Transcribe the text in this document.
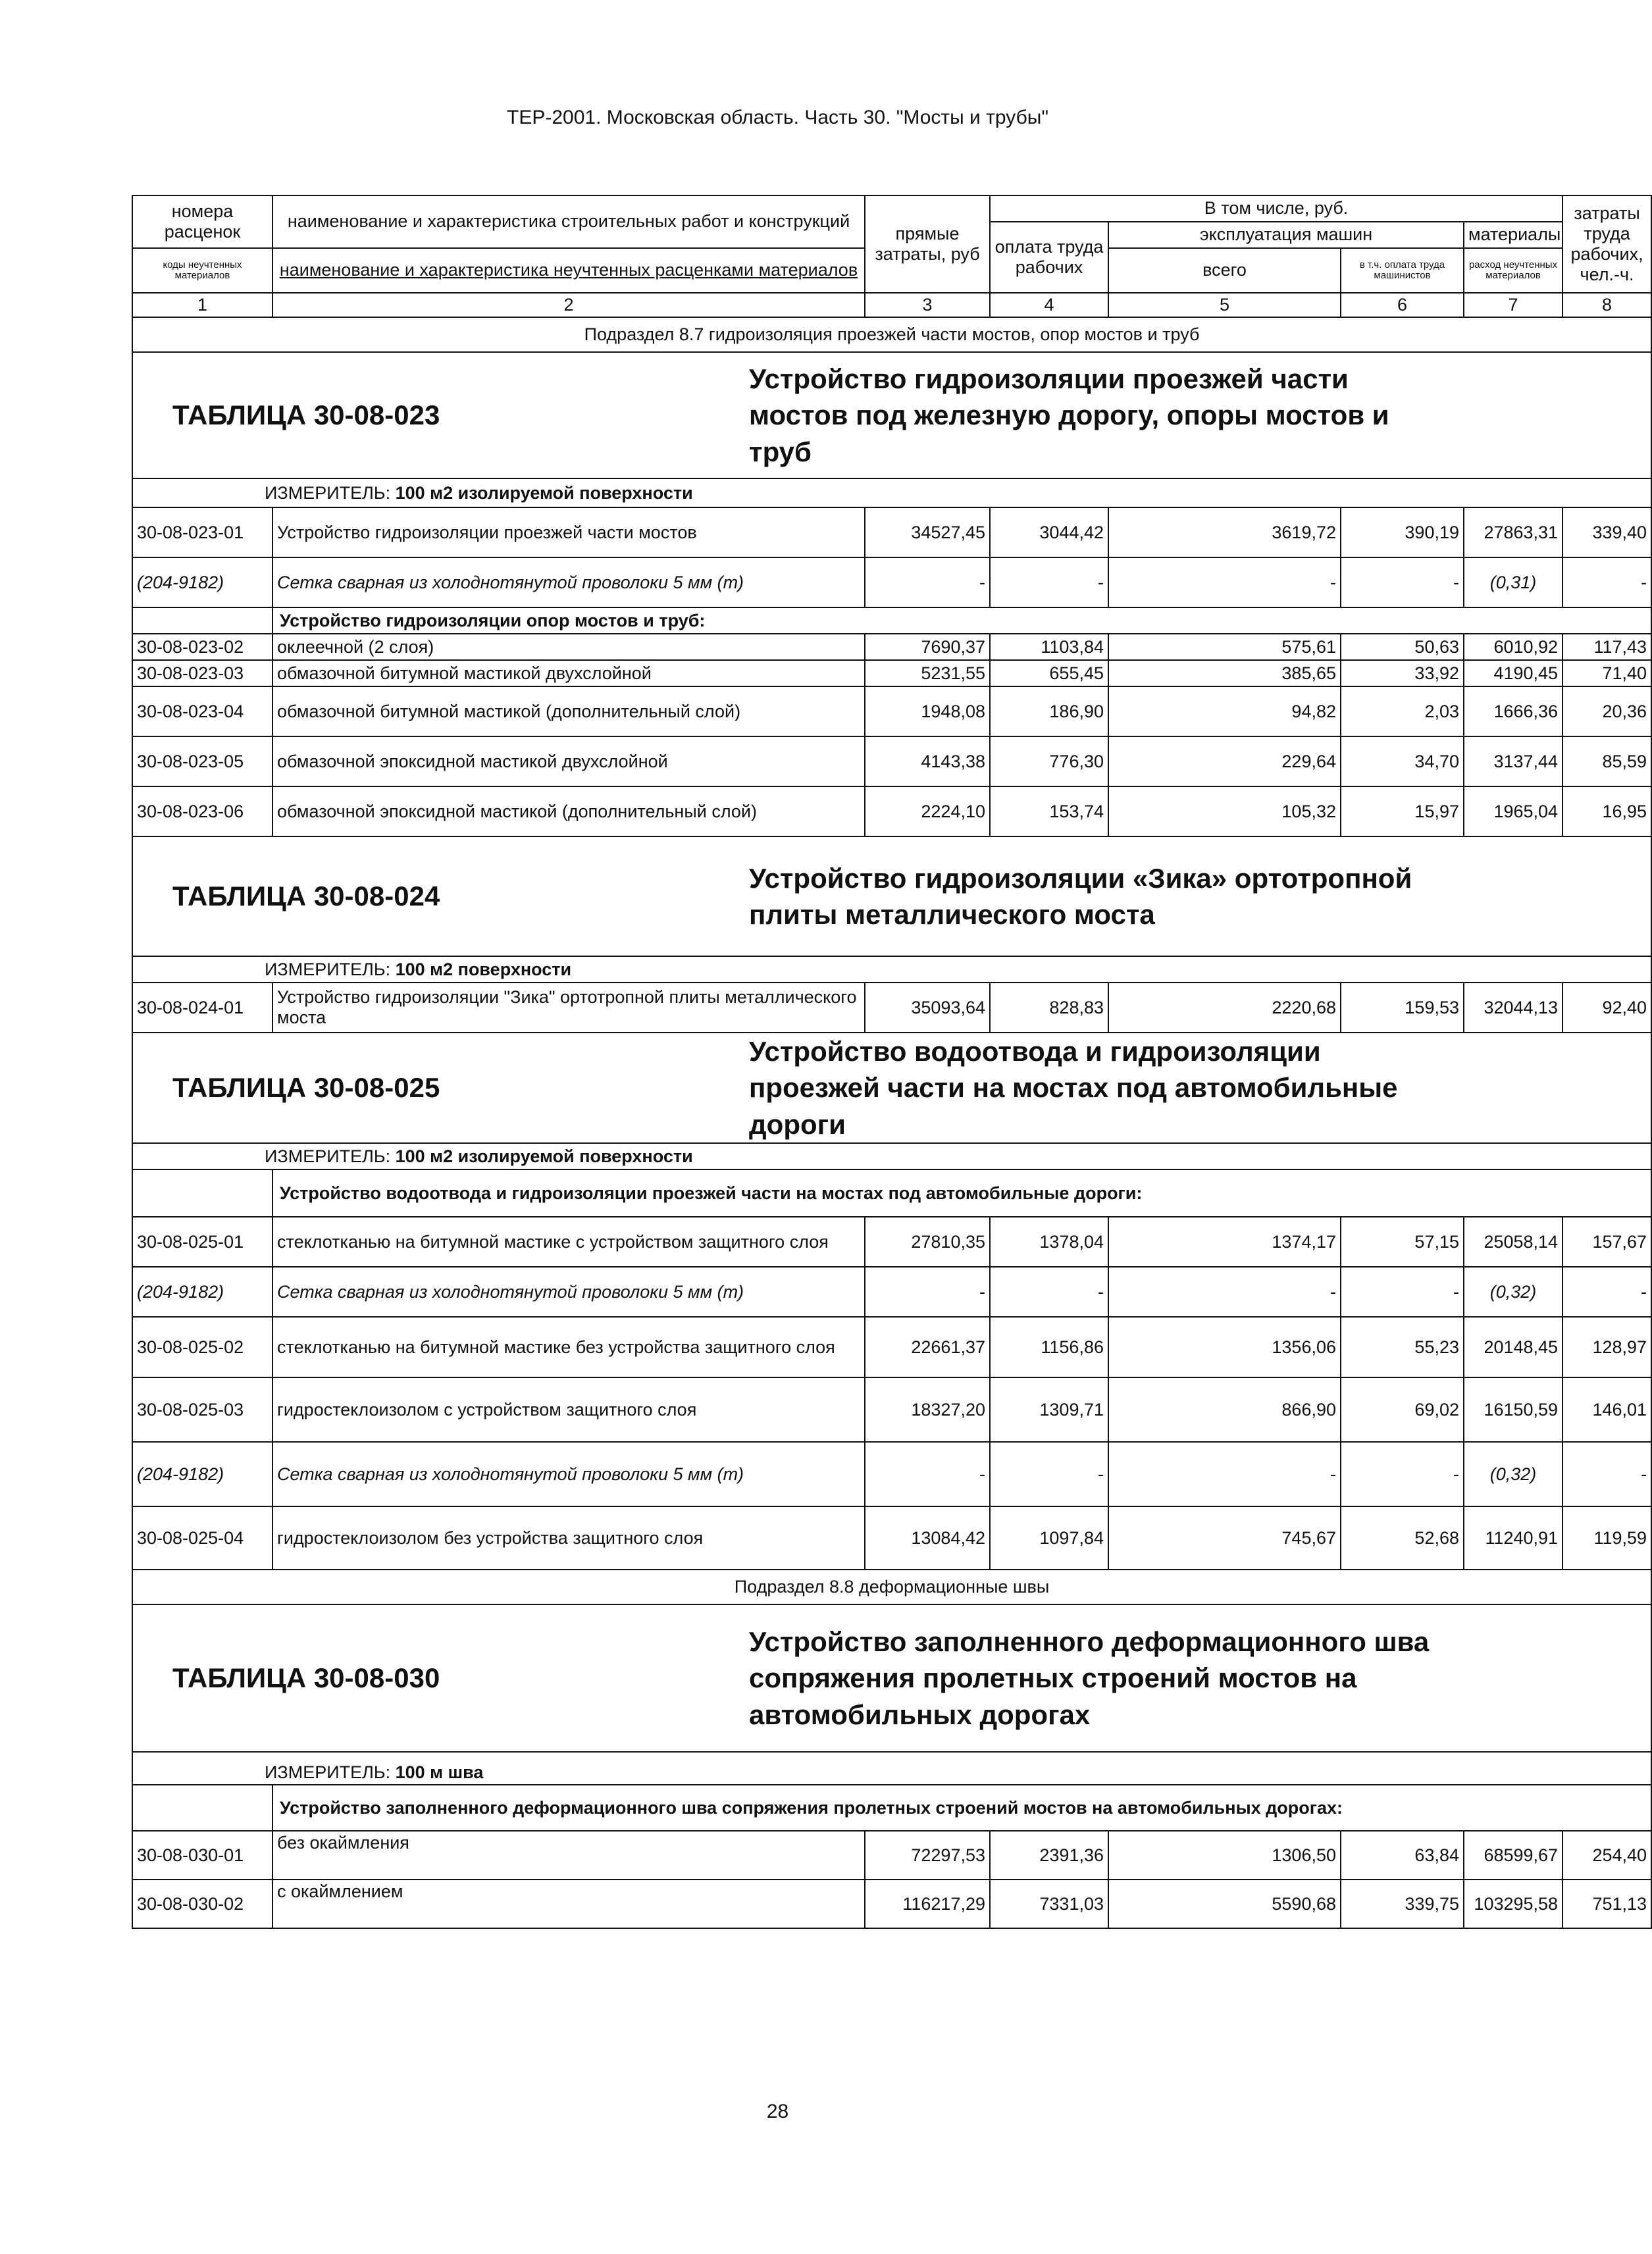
ТЕР-2001. Московская область. Часть 30. "Мосты и трубы"
номера расценок	наименование и характеристика строительных работ и конструкций	прямые затраты, руб	В том числе, руб.				затраты труда рабочих, чел.-ч.
			оплата труда рабочих	эксплуатация машин		материалы	
коды неучтенных материалов	наименование и характеристика неучтенных расценками материалов			всего	в т.ч. оплата труда машинистов	расход неучтенных материалов	
1	2	3	4	5	6	7	8
Подраздел 8.7 гидроизоляция проезжей части мостов, опор мостов и труб							

ТАБЛИЦА 30-08-023
Устройство гидроизоляции проезжей части мостов под железную дорогу, опоры мостов и труб							

ИЗМЕРИТЕЛЬ: 100 м2 изолируемой поверхности							
30-08-023-01	Устройство гидроизоляции проезжей части мостов	34527,45	3044,42	3619,72	390,19	27863,31	339,40
(204-9182)	Сетка сварная из холоднотянутой проволоки 5 мм (т)	-	-	-	-	(0,31)	-
	Устройство гидроизоляции опор мостов и труб:						
30-08-023-02	оклеечной (2 слоя)	7690,37	1103,84	575,61	50,63	6010,92	117,43
30-08-023-03	обмазочной битумной мастикой двухслойной	5231,55	655,45	385,65	33,92	4190,45	71,40
30-08-023-04	обмазочной битумной мастикой (дополнительный слой)	1948,08	186,90	94,82	2,03	1666,36	20,36
30-08-023-05	обмазочной эпоксидной мастикой двухслойной	4143,38	776,30	229,64	34,70	3137,44	85,59
30-08-023-06	обмазочной эпоксидной мастикой (дополнительный слой)	2224,10	153,74	105,32	15,97	1965,04	16,95

ТАБЛИЦА 30-08-024
Устройство гидроизоляции «Зика» ортотропной плиты металлического моста							

ИЗМЕРИТЕЛЬ: 100 м2 поверхности							
30-08-024-01	Устройство гидроизоляции "Зика" ортотропной плиты металлического моста	35093,64	828,83	2220,68	159,53	32044,13	92,40

ТАБЛИЦА 30-08-025
Устройство водоотвода и гидроизоляции проезжей части на мостах под автомобильные дороги							

ИЗМЕРИТЕЛЬ: 100 м2 изолируемой поверхности							
	Устройство водоотвода и гидроизоляции проезжей части на мостах под автомобильные дороги:						
30-08-025-01	стеклотканью на битумной мастике с устройством защитного слоя	27810,35	1378,04	1374,17	57,15	25058,14	157,67
(204-9182)	Сетка сварная из холоднотянутой проволоки 5 мм (т)	-	-	-	-	(0,32)	-
30-08-025-02	стеклотканью на битумной мастике без устройства защитного слоя	22661,37	1156,86	1356,06	55,23	20148,45	128,97
30-08-025-03	гидростеклоизолом с устройством защитного слоя	18327,20	1309,71	866,90	69,02	16150,59	146,01
(204-9182)	Сетка сварная из холоднотянутой проволоки 5 мм (т)	-	-	-	-	(0,32)	-
30-08-025-04	гидростеклоизолом без устройства защитного слоя	13084,42	1097,84	745,67	52,68	11240,91	119,59
Подраздел 8.8 деформационные швы							

ТАБЛИЦА 30-08-030
Устройство заполненного деформационного шва сопряжения пролетных строений мостов на автомобильных дорогах							

ИЗМЕРИТЕЛЬ: 100 м шва							
	Устройство заполненного деформационного шва сопряжения пролетных строений мостов на автомобильных дорогах:						
30-08-030-01	без окаймления	72297,53	2391,36	1306,50	63,84	68599,67	254,40
30-08-030-02	с окаймлением	116217,29	7331,03	5590,68	339,75	103295,58	751,13
28
